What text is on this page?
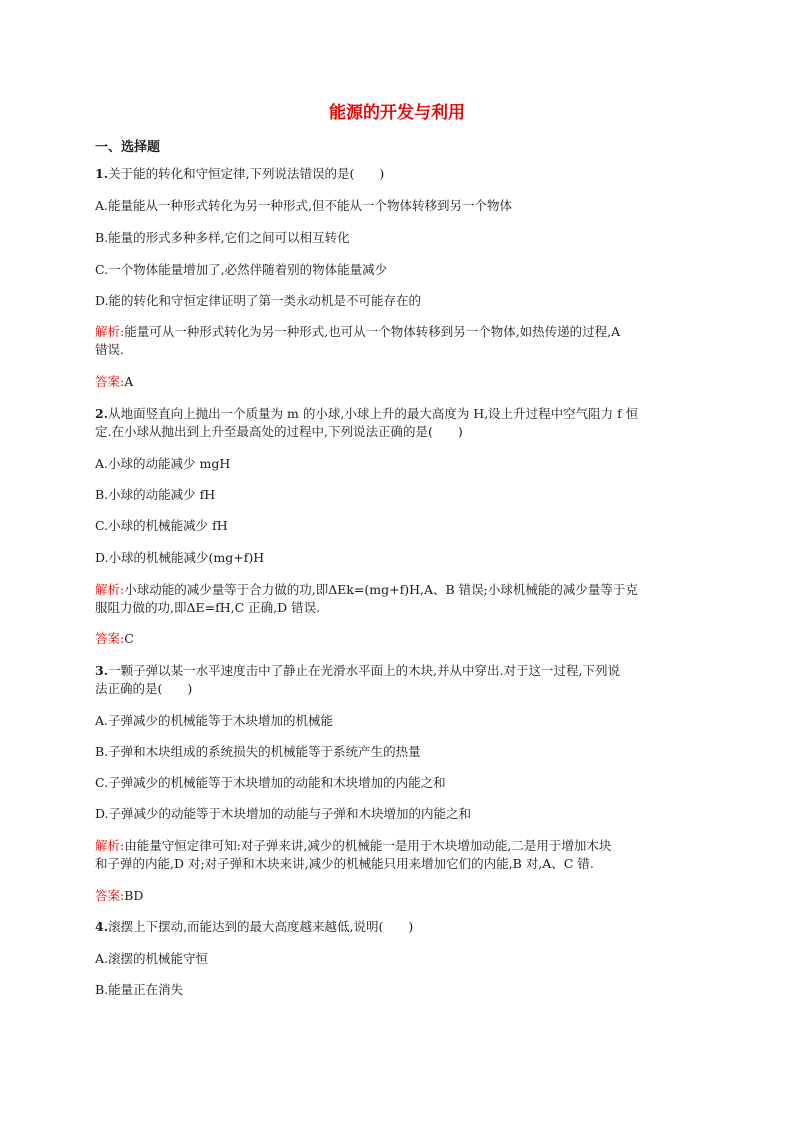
能源的开发与利用
一、选择题
1.关于能的转化和守恒定律,下列说法错误的是(　　)
A.能量能从一种形式转化为另一种形式,但不能从一个物体转移到另一个物体
B.能量的形式多种多样,它们之间可以相互转化
C.一个物体能量增加了,必然伴随着别的物体能量减少
D.能的转化和守恒定律证明了第一类永动机是不可能存在的
解析:能量可从一种形式转化为另一种形式,也可从一个物体转移到另一个物体,如热传递的过程,A
错误.
答案:A
2.从地面竖直向上抛出一个质量为 m 的小球,小球上升的最大高度为 H,设上升过程中空气阻力 f 恒
定.在小球从抛出到上升至最高处的过程中,下列说法正确的是(　　)
A.小球的动能减少 mgH
B.小球的动能减少 fH
C.小球的机械能减少 fH
D.小球的机械能减少(mg+f)H
解析:小球动能的减少量等于合力做的功,即ΔEk=(mg+f)H,A、B 错误;小球机械能的减少量等于克
服阻力做的功,即ΔE=fH,C 正确,D 错误.
答案:C
3.一颗子弹以某一水平速度击中了静止在光滑水平面上的木块,并从中穿出.对于这一过程,下列说
法正确的是(　　)
A.子弹减少的机械能等于木块增加的机械能
B.子弹和木块组成的系统损失的机械能等于系统产生的热量
C.子弹减少的机械能等于木块增加的动能和木块增加的内能之和
D.子弹减少的动能等于木块增加的动能与子弹和木块增加的内能之和
解析:由能量守恒定律可知:对子弹来讲,减少的机械能一是用于木块增加动能,二是用于增加木块
和子弹的内能,D 对;对子弹和木块来讲,减少的机械能只用来增加它们的内能,B 对,A、C 错.
答案:BD
4.滚摆上下摆动,而能达到的最大高度越来越低,说明(　　)
A.滚摆的机械能守恒
B.能量正在消失
